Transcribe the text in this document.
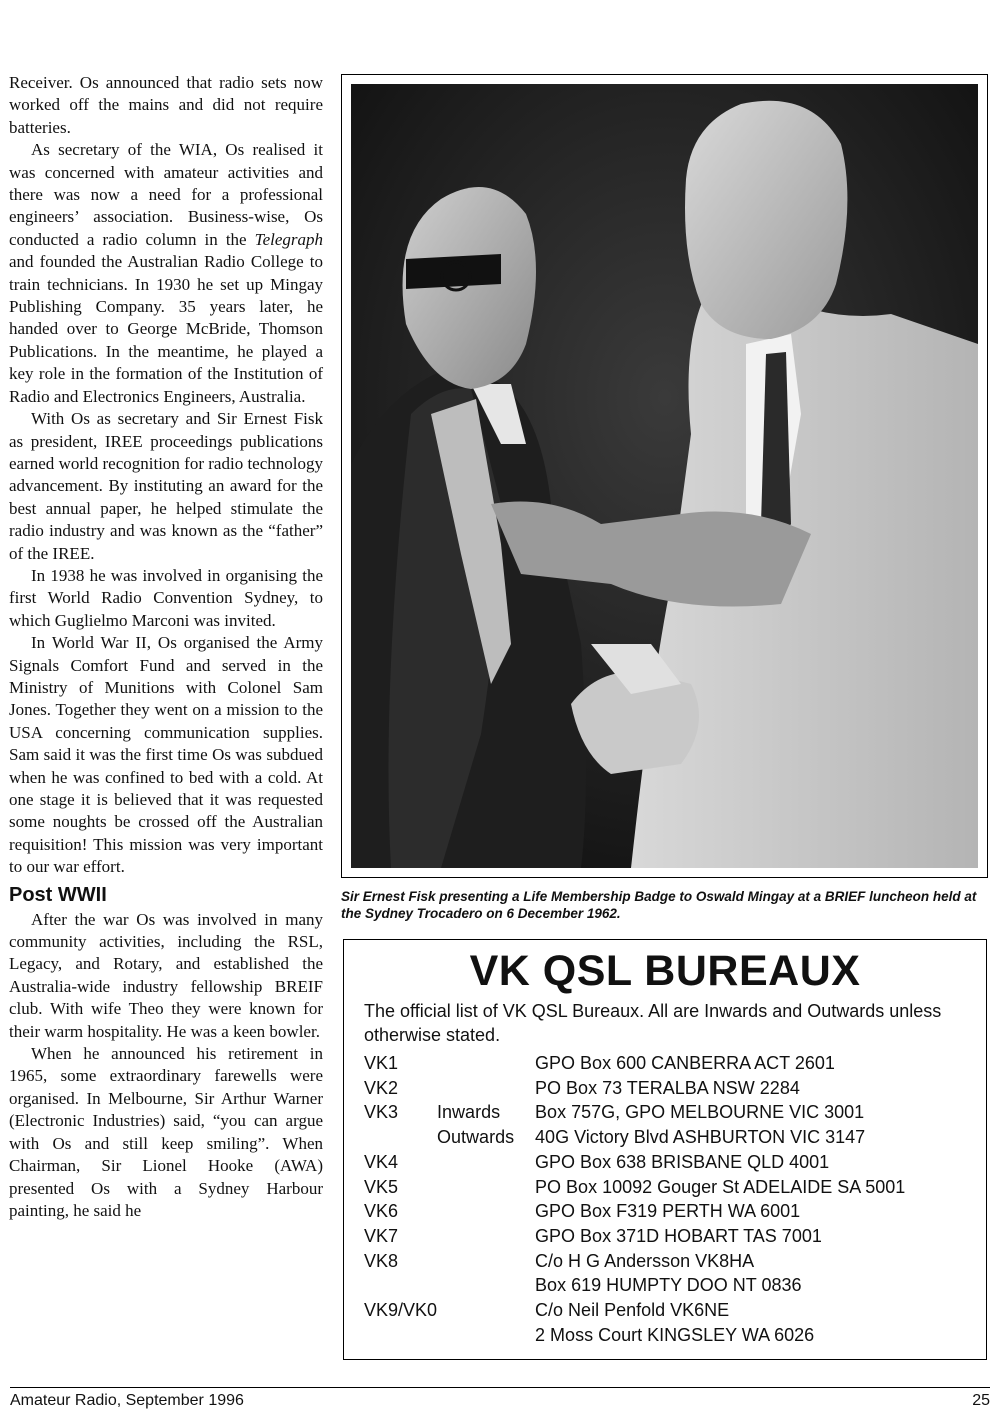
Receiver. Os announced that radio sets now worked off the mains and did not require batteries.

As secretary of the WIA, Os realised it was concerned with amateur activities and there was now a need for a professional engineers’ association. Business-wise, Os conducted a radio column in the Telegraph and founded the Australian Radio College to train technicians. In 1930 he set up Mingay Publishing Company. 35 years later, he handed over to George McBride, Thomson Publications. In the meantime, he played a key role in the formation of the Institution of Radio and Electronics Engineers, Australia.

With Os as secretary and Sir Ernest Fisk as president, IREE proceedings publications earned world recognition for radio technology advancement. By instituting an award for the best annual paper, he helped stimulate the radio industry and was known as the “father” of the IREE.

In 1938 he was involved in organising the first World Radio Convention Sydney, to which Guglielmo Marconi was invited.

In World War II, Os organised the Army Signals Comfort Fund and served in the Ministry of Munitions with Colonel Sam Jones. Together they went on a mission to the USA concerning communication supplies. Sam said it was the first time Os was subdued when he was confined to bed with a cold. At one stage it is believed that it was requested some noughts be crossed off the Australian requisition! This mission was very important to our war effort.

Post WWII

After the war Os was involved in many community activities, including the RSL, Legacy, and Rotary, and established the Australia-wide industry fellowship BREIF club. With wife Theo they were known for their warm hospitality. He was a keen bowler.

When he announced his retirement in 1965, some extraordinary farewells were organised. In Melbourne, Sir Arthur Warner (Electronic Industries) said, “you can argue with Os and still keep smiling”. When Chairman, Sir Lionel Hooke (AWA) presented Os with a Sydney Harbour painting, he said he

Sir Ernest Fisk presenting a Life Membership Badge to Oswald Mingay at a BRIEF luncheon held at the Sydney Trocadero on 6 December 1962.
VK QSL BUREAUX

The official list of VK QSL Bureaux. All are Inwards and Outwards unless otherwise stated.

VK1		GPO Box 600 CANBERRA ACT 2601
VK2		PO Box 73 TERALBA NSW 2284
VK3	Inwards	Box 757G, GPO MELBOURNE VIC 3001
	Outwards	40G Victory Blvd ASHBURTON VIC 3147
VK4		GPO Box 638 BRISBANE QLD 4001
VK5		PO Box 10092 Gouger St ADELAIDE SA 5001
VK6		GPO Box F319 PERTH WA 6001
VK7		GPO Box 371D HOBART TAS 7001
VK8		C/o H G Andersson VK8HA
		Box 619 HUMPTY DOO NT 0836
VK9/VK0		C/o Neil Penfold VK6NE
		2 Moss Court KINGSLEY WA 6026
Amateur Radio, September 1996	25
